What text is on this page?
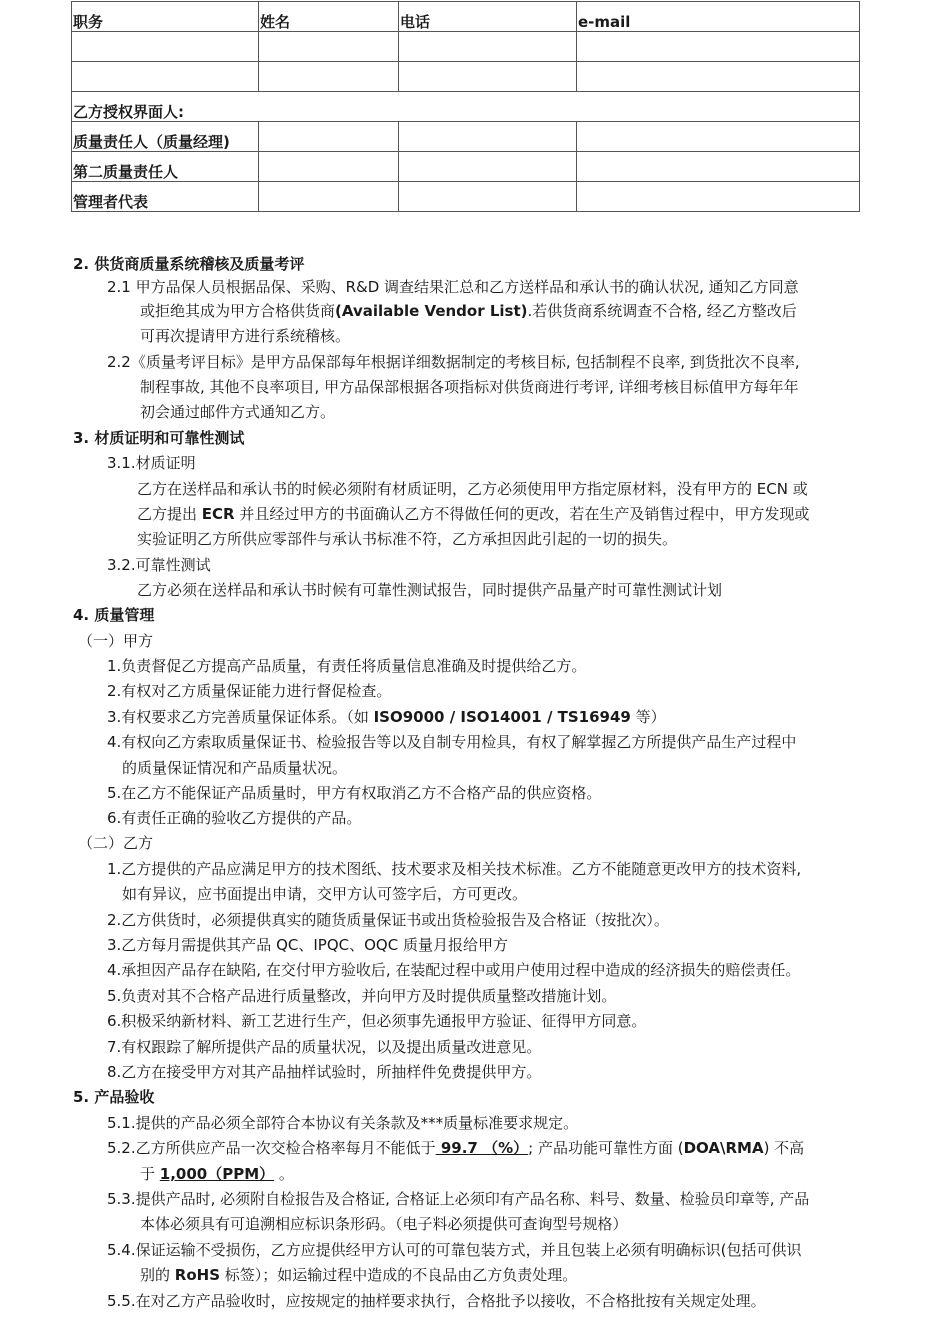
职务	姓名	电话	e-mail

乙方授权界面人:			
质量责任人（质量经理)			
第二质量责任人			
管理者代表			
2. 供货商质量系统稽核及质量考评
2.1 甲方品保人员根据品保、采购、R&D 调查结果汇总和乙方送样品和承认书的确认状况, 通知乙方同意
或拒绝其成为甲方合格供货商(Available Vendor List).若供货商系统调查不合格, 经乙方整改后
可再次提请甲方进行系统稽核。
2.2《质量考评目标》是甲方品保部每年根据详细数据制定的考核目标, 包括制程不良率, 到货批次不良率,
制程事故, 其他不良率项目, 甲方品保部根据各项指标对供货商进行考评, 详细考核目标值甲方每年年
初会通过邮件方式通知乙方。
3. 材质证明和可靠性测试
3.1.材质证明
乙方在送样品和承认书的时候必须附有材质证明，乙方必须使用甲方指定原材料，没有甲方的 ECN 或
乙方提出 ECR 并且经过甲方的书面确认乙方不得做任何的更改，若在生产及销售过程中，甲方发现或
实验证明乙方所供应零部件与承认书标准不符，乙方承担因此引起的一切的损失。
3.2.可靠性测试
乙方必须在送样品和承认书时候有可靠性测试报告，同时提供产品量产时可靠性测试计划
4. 质量管理
（一）甲方
1.负责督促乙方提高产品质量，有责任将质量信息准确及时提供给乙方。
2.有权对乙方质量保证能力进行督促检查。
3.有权要求乙方完善质量保证体系。（如 ISO9000 / ISO14001 / TS16949 等）
4.有权向乙方索取质量保证书、检验报告等以及自制专用检具，有权了解掌握乙方所提供产品生产过程中
的质量保证情况和产品质量状况。
5.在乙方不能保证产品质量时，甲方有权取消乙方不合格产品的供应资格。
6.有责任正确的验收乙方提供的产品。
（二）乙方
1.乙方提供的产品应满足甲方的技术图纸、技术要求及相关技术标准。乙方不能随意更改甲方的技术资料,
如有异议，应书面提出申请，交甲方认可签字后，方可更改。
2.乙方供货时，必须提供真实的随货质量保证书或出货检验报告及合格证（按批次）。
3.乙方每月需提供其产品 QC、IPQC、OQC 质量月报给甲方
4.承担因产品存在缺陷, 在交付甲方验收后, 在装配过程中或用户使用过程中造成的经济损失的赔偿责任。
5.负责对其不合格产品进行质量整改，并向甲方及时提供质量整改措施计划。
6.积极采纳新材料、新工艺进行生产，但必须事先通报甲方验证、征得甲方同意。
7.有权跟踪了解所提供产品的质量状况，以及提出质量改进意见。
8.乙方在接受甲方对其产品抽样试验时，所抽样件免费提供甲方。
5. 产品验收
5.1.提供的产品必须全部符合本协议有关条款及***质量标准要求规定。
5.2.乙方所供应产品一次交检合格率每月不能低于 99.7 （%）; 产品功能可靠性方面 (DOA\RMA) 不高
于 1,000（PPM） 。
5.3.提供产品时, 必须附自检报告及合格证, 合格证上必须印有产品名称、料号、数量、检验员印章等, 产品
本体必须具有可追溯相应标识条形码。（电子料必须提供可查询型号规格）
5.4.保证运输不受损伤，乙方应提供经甲方认可的可靠包装方式，并且包装上必须有明确标识(包括可供识
别的 RoHS 标签）；如运输过程中造成的不良品由乙方负责处理。
5.5.在对乙方产品验收时，应按规定的抽样要求执行，合格批予以接收，不合格批按有关规定处理。
